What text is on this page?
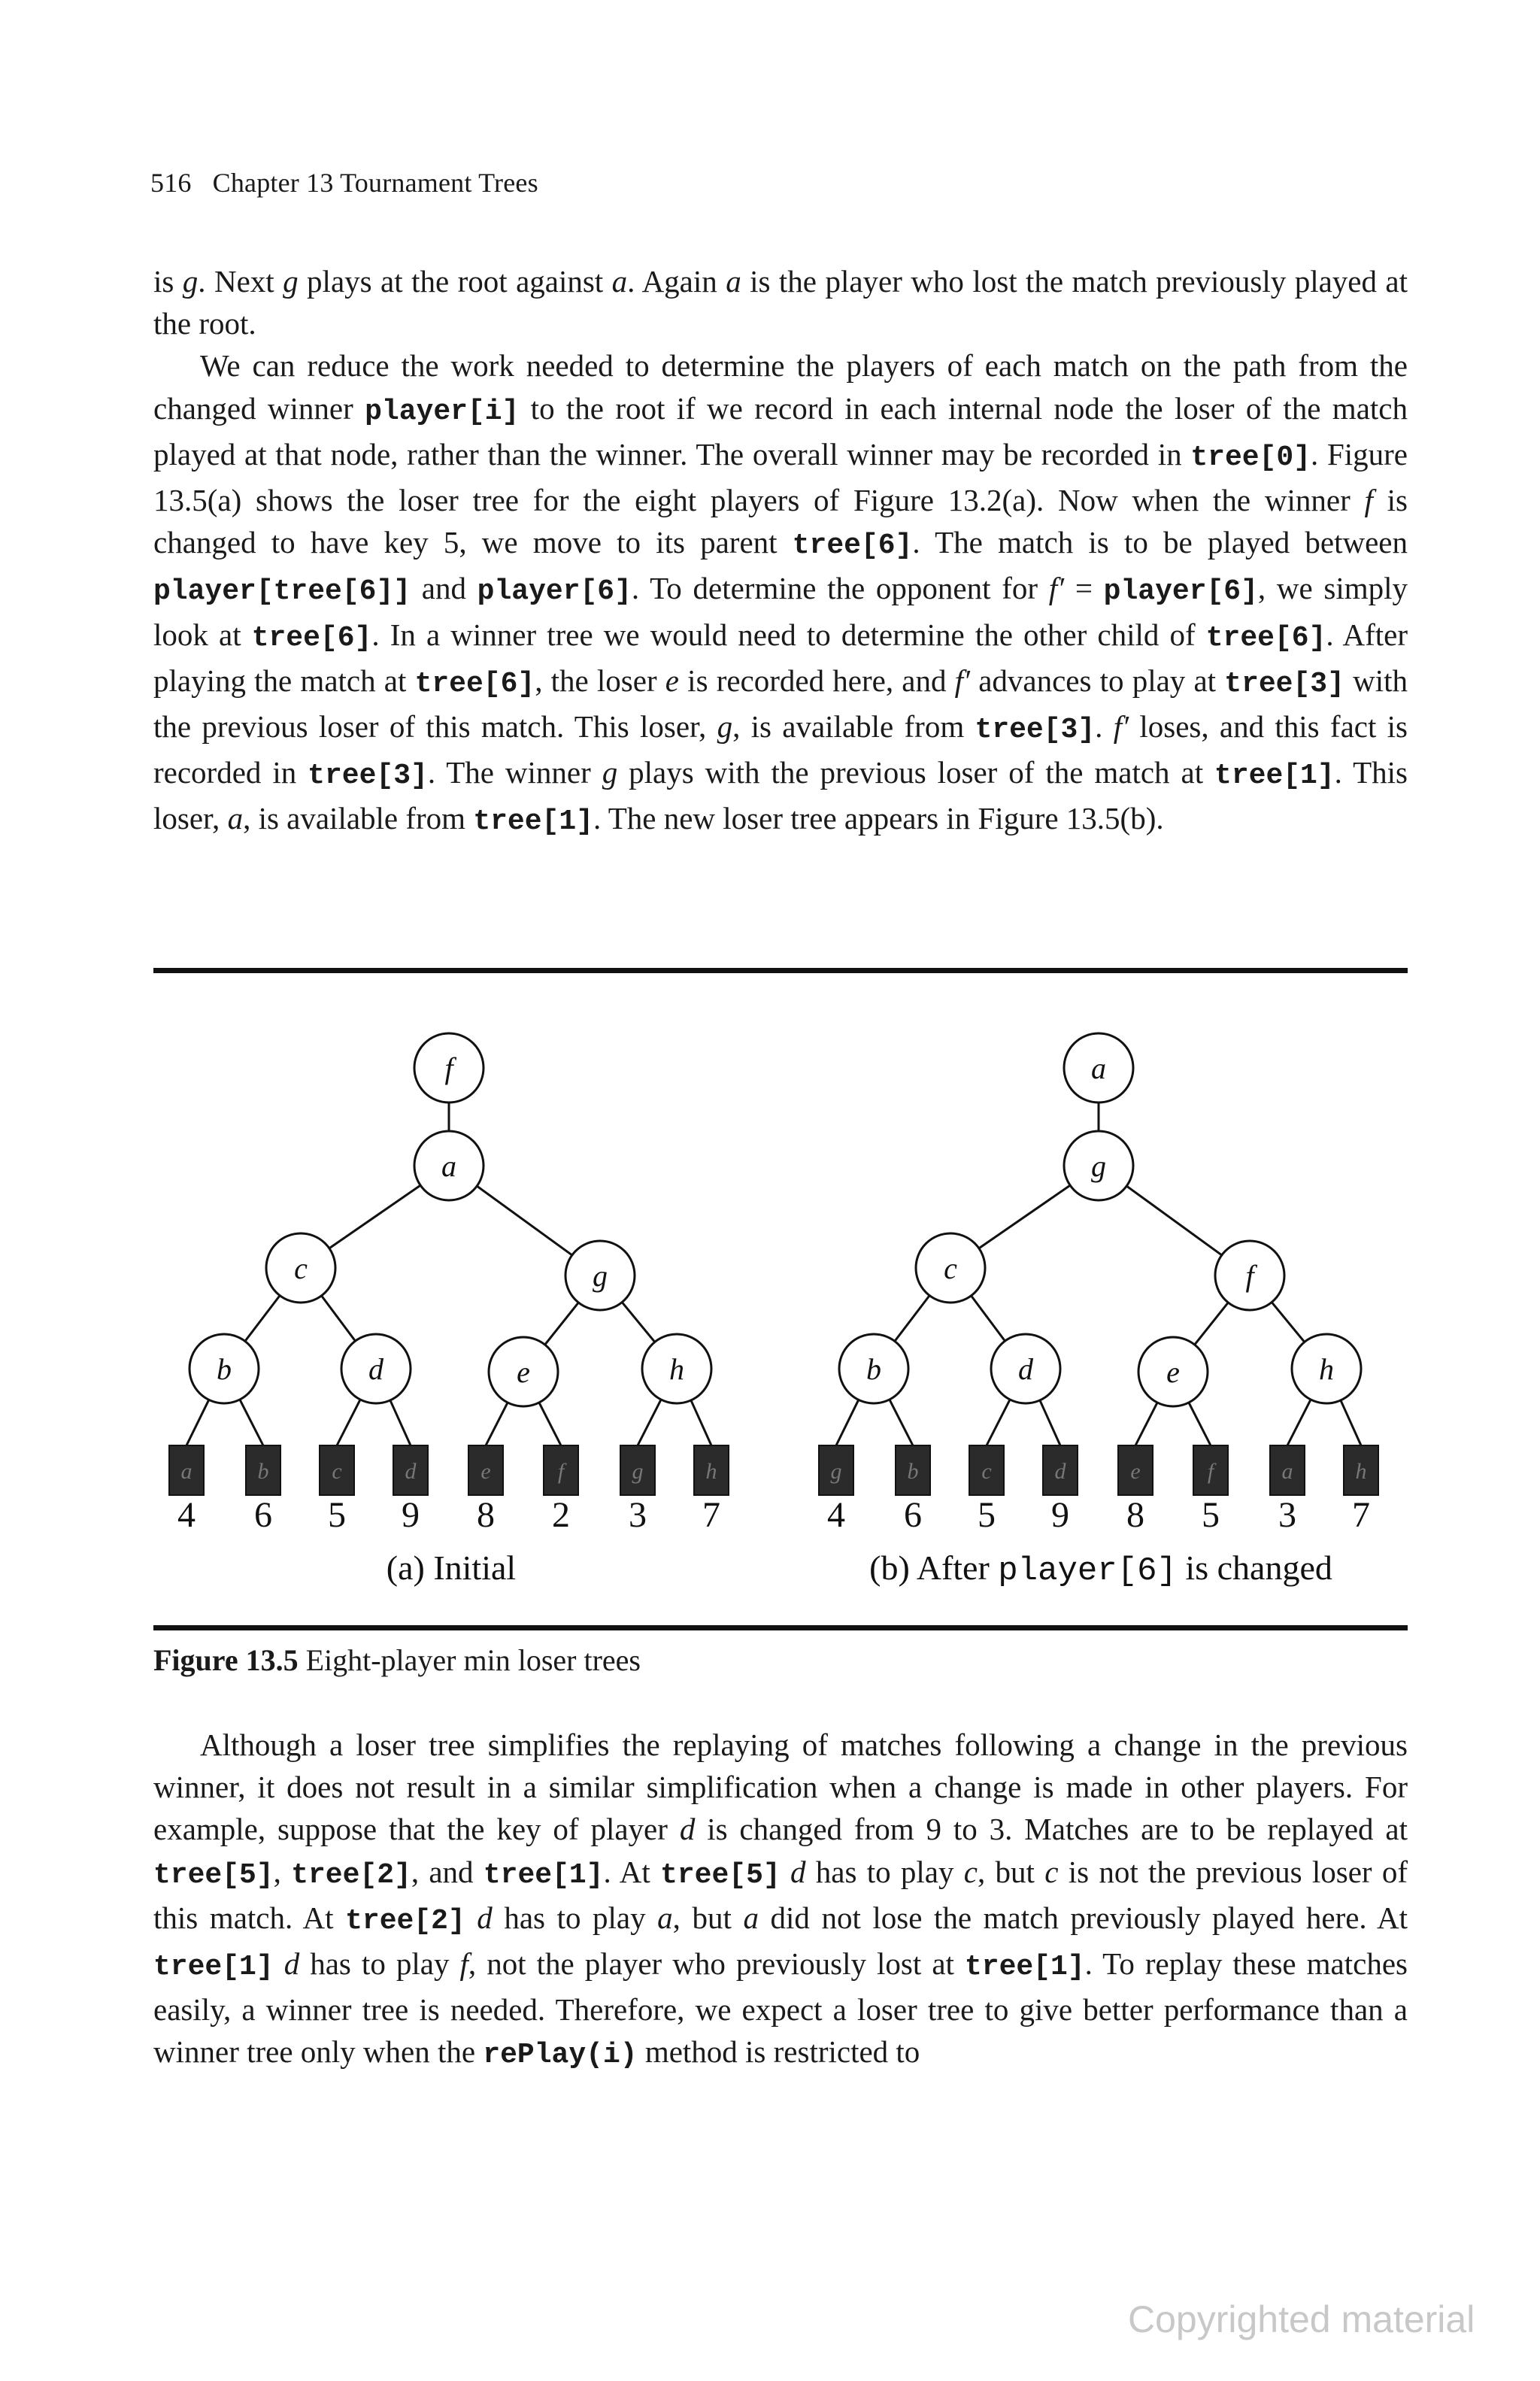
516 Chapter 13 Tournament Trees

is g. Next g plays at the root against a. Again a is the player who lost the match previously played at the root.

We can reduce the work needed to determine the players of each match on the path from the changed winner player[i] to the root if we record in each internal node the loser of the match played at that node, rather than the winner. The overall winner may be recorded in tree[0]. Figure 13.5(a) shows the loser tree for the eight players of Figure 13.2(a). Now when the winner f is changed to have key 5, we move to its parent tree[6]. The match is to be played between player[tree[6]] and player[6]. To determine the opponent for f′ = player[6], we simply look at tree[6]. In a winner tree we would need to determine the other child of tree[6]. After playing the match at tree[6], the loser e is recorded here, and f′ advances to play at tree[3] with the previous loser of this match. This loser, g, is available from tree[3]. f′ loses, and this fact is recorded in tree[3]. The winner g plays with the previous loser of the match at tree[1]. This loser, a, is available from tree[1]. The new loser tree appears in Figure 13.5(b).

f
a
c	g
b	d	e	h
a
4
b
6
c
5
d
9
e
8
f
2
g
3
h
7
a
g
c	f
b	d	e	h
g
4
b
6
c
5
d
9
e
8
f
5
a
3
h
7
(a) Initial	(b) After player[6] is changed
Figure 13.5 Eight-player min loser trees

Although a loser tree simplifies the replaying of matches following a change in the previous winner, it does not result in a similar simplification when a change is made in other players. For example, suppose that the key of player d is changed from 9 to 3. Matches are to be replayed at tree[5], tree[2], and tree[1]. At tree[5] d has to play c, but c is not the previous loser of this match. At tree[2] d has to play a, but a did not lose the match previously played here. At tree[1] d has to play f, not the player who previously lost at tree[1]. To replay these matches easily, a winner tree is needed. Therefore, we expect a loser tree to give better performance than a winner tree only when the rePlay(i) method is restricted to

Copyrighted material
